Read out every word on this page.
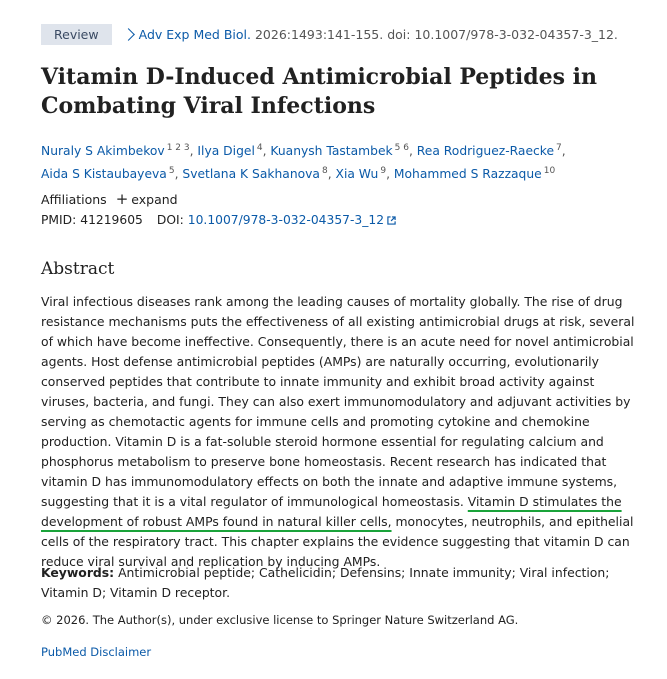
Review	Adv Exp Med Biol. 2026:1493:141-155. doi: 10.1007/978-3-032-04357-3_12.
Vitamin D-Induced Antimicrobial Peptides in Combating Viral Infections
Nuraly S Akimbekov $^{1 2 3}$, Ilya Digel $^4$, Kuanysh Tastambek $^{5 6}$, Rea Rodriguez-Raecke $^7$,
Aida S Kistaubayeva $^5$, Svetlana K Sakhanova $^8$, Xia Wu $^9$, Mohammed S Razzaque $^{10}$
Affiliations + expand
PMID: 41219605 DOI: 10.1007/978-3-032-04357-3_12
Abstract

Viral infectious diseases rank among the leading causes of mortality globally. The rise of drug resistance mechanisms puts the effectiveness of all existing antimicrobial drugs at risk, several of which have become ineffective. Consequently, there is an acute need for novel antimicrobial agents. Host defense antimicrobial peptides (AMPs) are naturally occurring, evolutionarily conserved peptides that contribute to innate immunity and exhibit broad activity against viruses, bacteria, and fungi. They can also exert immunomodulatory and adjuvant activities by serving as chemotactic agents for immune cells and promoting cytokine and chemokine production. Vitamin D is a fat-soluble steroid hormone essential for regulating calcium and phosphorus metabolism to preserve bone homeostasis. Recent research has indicated that vitamin D has immunomodulatory effects on both the innate and adaptive immune systems, suggesting that it is a vital regulator of immunological homeostasis. Vitamin D stimulates the development of robust AMPs found in natural killer cells, monocytes, neutrophils, and epithelial cells of the respiratory tract. This chapter explains the evidence suggesting that vitamin D can reduce viral survival and replication by inducing AMPs.

Keywords: Antimicrobial peptide; Cathelicidin; Defensins; Innate immunity; Viral infection; Vitamin D; Vitamin D receptor.

© 2026. The Author(s), under exclusive license to Springer Nature Switzerland AG.
PubMed Disclaimer
